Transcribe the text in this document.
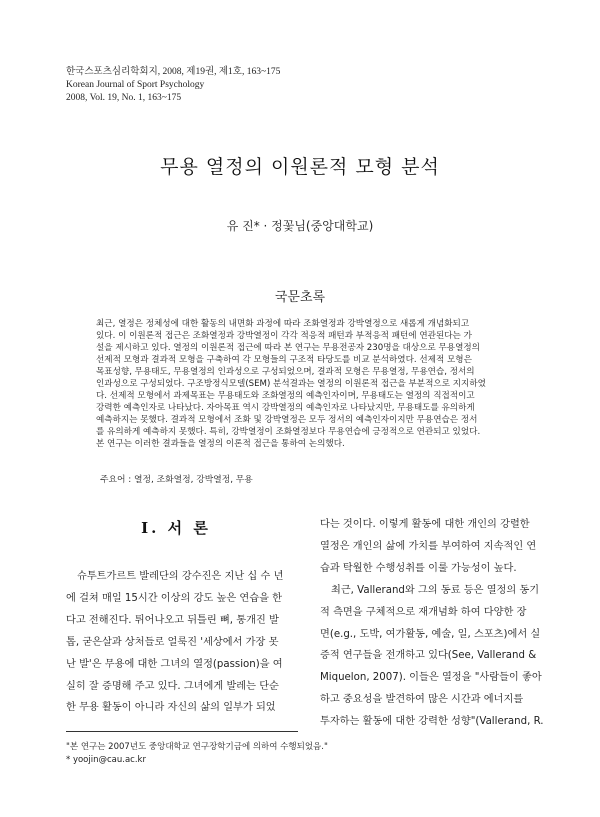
한국스포츠심리학회지, 2008, 제19권, 제1호, 163~175
Korean Journal of Sport Psychology
2008, Vol. 19, No. 1, 163~175
무용 열정의 이원론적 모형 분석
유 진* · 정꽃님(중앙대학교)
국문초록
최근, 열정은 정체성에 대한 활동의 내면화 과정에 따라 조화열정과 강박열정으로 새롭게 개념화되고
있다. 이 이원론적 접근은 조화열정과 강박열정이 각각 적응적 패턴과 부적응적 패턴에 연관된다는 가
설을 제시하고 있다. 열정의 이원론적 접근에 따라 본 연구는 무용전공자 230명을 대상으로 무용열정의
선제적 모형과 결과적 모형을 구축하여 각 모형들의 구조적 타당도를 비교 분석하였다. 선제적 모형은
목표성향, 무용태도, 무용열정의 인과성으로 구성되었으며, 결과적 모형은 무용열정, 무용연습, 정서의
인과성으로 구성되었다. 구조방정식모델(SEM) 분석결과는 열정의 이원론적 접근을 부분적으로 지지하였
다. 선제적 모형에서 과제목표는 무용태도와 조화열정의 예측인자이며, 무용태도는 열정의 직접적이고
강력한 예측인자로 나타났다. 자아목표 역시 강박열정의 예측인자로 나타났지만, 무용태도를 유의하게
예측하지는 못했다. 결과적 모형에서 조화 및 강박열정은 모두 정서의 예측인자이지만 무용연습은 정서
를 유의하게 예측하지 못했다. 특히, 강박열정이 조화열정보다 무용연습에 긍정적으로 연관되고 있었다.
본 연구는 이러한 결과들을 열정의 이론적 접근을 통하여 논의했다.
주요어 : 열정, 조화열정, 강박열정, 무용
I. 서 론
슈투트가르트 발레단의 강수진은 지난 십 수 년
에 걸쳐 매일 15시간 이상의 강도 높은 연습을 한
다고 전해진다. 튀어나오고 뒤틀린 뼈, 통개진 발
톱, 굳은살과 상처들로 얼룩진 '세상에서 가장 못
난 발'은 무용에 대한 그녀의 열정(passion)을 여
실히 잘 증명해 주고 있다. 그녀에게 발레는 단순
한 무용 활동이 아니라 자신의 삶의 일부가 되었
다는 것이다. 이렇게 활동에 대한 개인의 강렬한
열정은 개인의 삶에 가치를 부여하여 지속적인 연
습과 탁월한 수행성취를 이룰 가능성이 높다.
최근, Vallerand와 그의 동료 등은 열정의 동기
적 측면을 구체적으로 재개념화 하여 다양한 장
면(e.g., 도박, 여가활동, 예술, 일, 스포츠)에서 실
증적 연구들을 전개하고 있다(See, Vallerand &
Miquelon, 2007). 이들은 열정을 "사람들이 좋아
하고 중요성을 발견하여 많은 시간과 에너지를
투자하는 활동에 대한 강력한 성향"(Vallerand, R.
"본 연구는 2007년도 중앙대학교 연구장학기금에 의하여 수행되었음."
* yoojin@cau.ac.kr
